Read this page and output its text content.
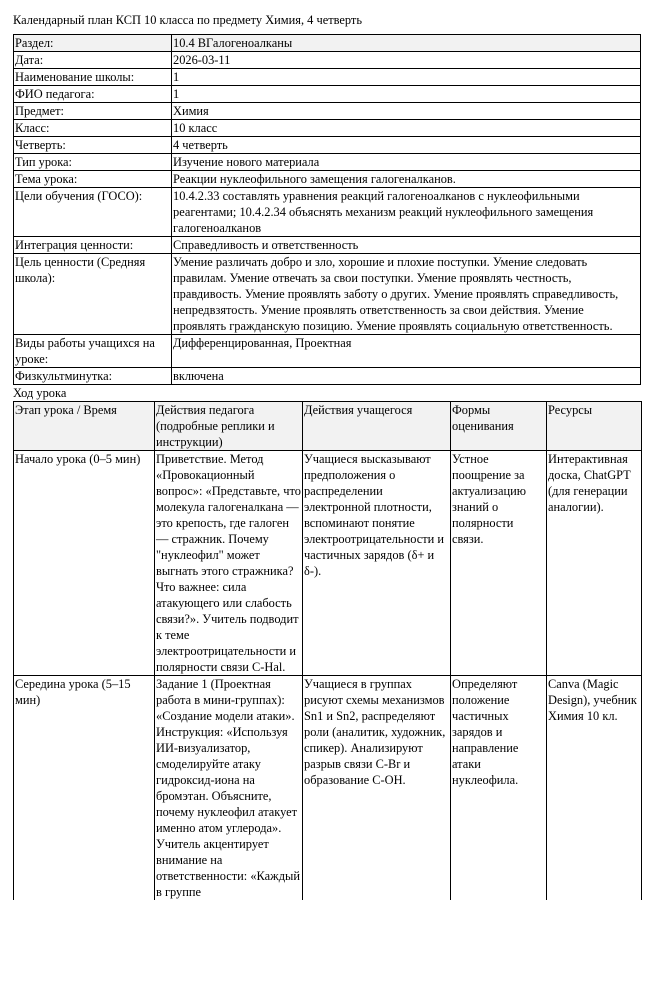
Календарный план КСП 10 класса по предмету Химия, 4 четверть
Раздел:	10.4 ВГалогеноалканы
Дата:	2026-03-11
Наименование школы:	1
ФИО педагога:	1
Предмет:	Химия
Класс:	10 класс
Четверть:	4 четверть
Тип урока:	Изучение нового материала
Тема урока:	Реакции нуклеофильного замещения галогеналканов.
Цели обучения (ГОСО):	10.4.2.33 составлять уравнения реакций галогеноалканов с нуклеофильными реагентами; 10.4.2.34 объяснять механизм реакций нуклеофильного замещения галогеноалканов
Интеграция ценности:	Справедливость и ответственность
Цель ценности (Средняя школа):	Умение различать добро и зло, хорошие и плохие поступки. Умение следовать правилам. Умение отвечать за свои поступки. Умение проявлять честность, правдивость. Умение проявлять заботу о других. Умение проявлять справедливость, непредвзятость. Умение проявлять ответственность за свои действия. Умение проявлять гражданскую позицию. Умение проявлять социальную ответственность.
Виды работы учащихся на уроке:	Дифференцированная, Проектная
Физкультминутка:	включена
Ход урока
Этап урока / Время	Действия педагога (подробные реплики и инструкции)	Действия учащегося	Формы оценивания	Ресурсы
Начало урока (0–5 мин)	Приветствие. Метод «Провокационный вопрос»: «Представьте, что молекула галогеналкана — это крепость, где галоген — стражник. Почему "нуклеофил" может выгнать этого стражника? Что важнее: сила атакующего или слабость связи?». Учитель подводит к теме электроотрицательности и полярности связи C-Hal.	Учащиеся высказывают предположения о распределении электронной плотности, вспоминают понятие электроотрицательности и частичных зарядов (δ+ и δ-).	Устное поощрение за актуализацию знаний о полярности связи.	Интерактивная доска, ChatGPT (для генерации аналогии).
Середина урока (5–15 мин)	Задание 1 (Проектная работа в мини-группах): «Создание модели атаки». Инструкция: «Используя ИИ-визуализатор, смоделируйте атаку гидроксид-иона на бромэтан. Объясните, почему нуклеофил атакует именно атом углерода». Учитель акцентирует внимание на ответственности: «Каждый в группе	Учащиеся в группах рисуют схемы механизмов Sn1 и Sn2, распределяют роли (аналитик, художник, спикер). Анализируют разрыв связи C-Br и образование C-OH.	Определяют положение частичных зарядов и направление атаки нуклеофила.	Canva (Magic Design), учебник Химия 10 кл.
